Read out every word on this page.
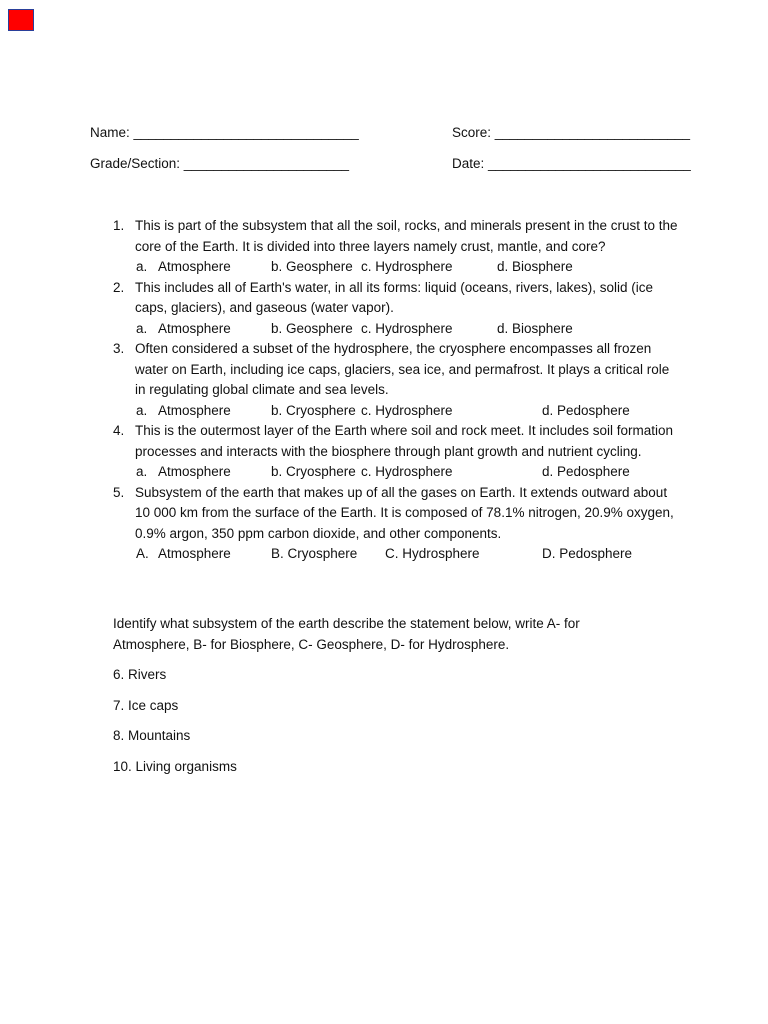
Name: ______________________________	Score: __________________________
Grade/Section: ______________________	Date: ___________________________
1. This is part of the subsystem that all the soil, rocks, and minerals present in the crust to the core of the Earth. It is divided into three layers namely crust, mantle, and core?
a. Atmosphere	b. Geosphere c. Hydrosphere	d. Biosphere
2. This includes all of Earth's water, in all its forms: liquid (oceans, rivers, lakes), solid (ice caps, glaciers), and gaseous (water vapor).
a. Atmosphere	b. Geosphere c. Hydrosphere	d. Biosphere
3. Often considered a subset of the hydrosphere, the cryosphere encompasses all frozen water on Earth, including ice caps, glaciers, sea ice, and permafrost. It plays a critical role in regulating global climate and sea levels.
a. Atmosphere	b. Cryosphere c. Hydrosphere	d. Pedosphere
4. This is the outermost layer of the Earth where soil and rock meet. It includes soil formation processes and interacts with the biosphere through plant growth and nutrient cycling.
a. Atmosphere	b. Cryosphere c. Hydrosphere	d. Pedosphere
5. Subsystem of the earth that makes up of all the gases on Earth. It extends outward about 10 000 km from the surface of the Earth. It is composed of 78.1% nitrogen, 20.9% oxygen, 0.9% argon, 350 ppm carbon dioxide, and other components.
A. Atmosphere	B. Cryosphere C. Hydrosphere	D. Pedosphere
Identify what subsystem of the earth describe the statement below, write A- for Atmosphere, B- for Biosphere, C- Geosphere, D- for Hydrosphere.
6. Rivers
7. Ice caps
8. Mountains
10. Living organisms
